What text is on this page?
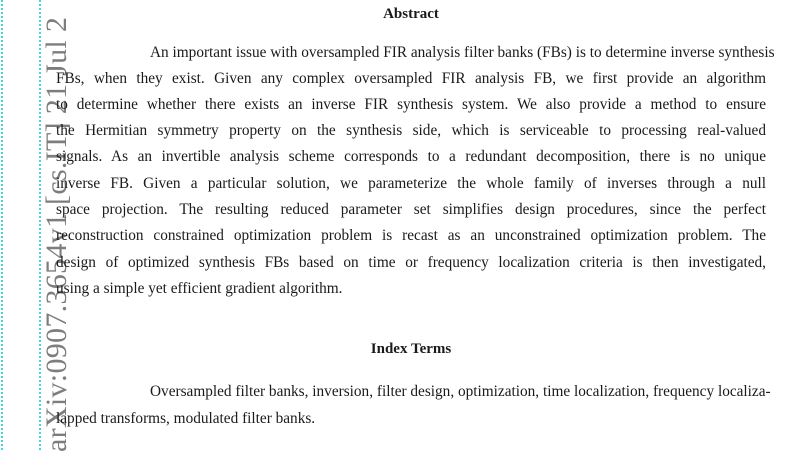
arXiv:0907.3654v1 [cs.IT] 21 Jul 2
Abstract
An important issue with oversampled FIR analysis filter banks (FBs) is to determine inverse synthesis
FBs, when they exist. Given any complex oversampled FIR analysis FB, we first provide an algorithm
to determine whether there exists an inverse FIR synthesis system. We also provide a method to ensure
the Hermitian symmetry property on the synthesis side, which is serviceable to processing real-valued
signals. As an invertible analysis scheme corresponds to a redundant decomposition, there is no unique
inverse FB. Given a particular solution, we parameterize the whole family of inverses through a null
space projection. The resulting reduced parameter set simplifies design procedures, since the perfect
reconstruction constrained optimization problem is recast as an unconstrained optimization problem. The
design of optimized synthesis FBs based on time or frequency localization criteria is then investigated,
using a simple yet efficient gradient algorithm.
Index Terms
Oversampled filter banks, inversion, filter design, optimization, time localization, frequency localiza-
lapped transforms, modulated filter banks.
